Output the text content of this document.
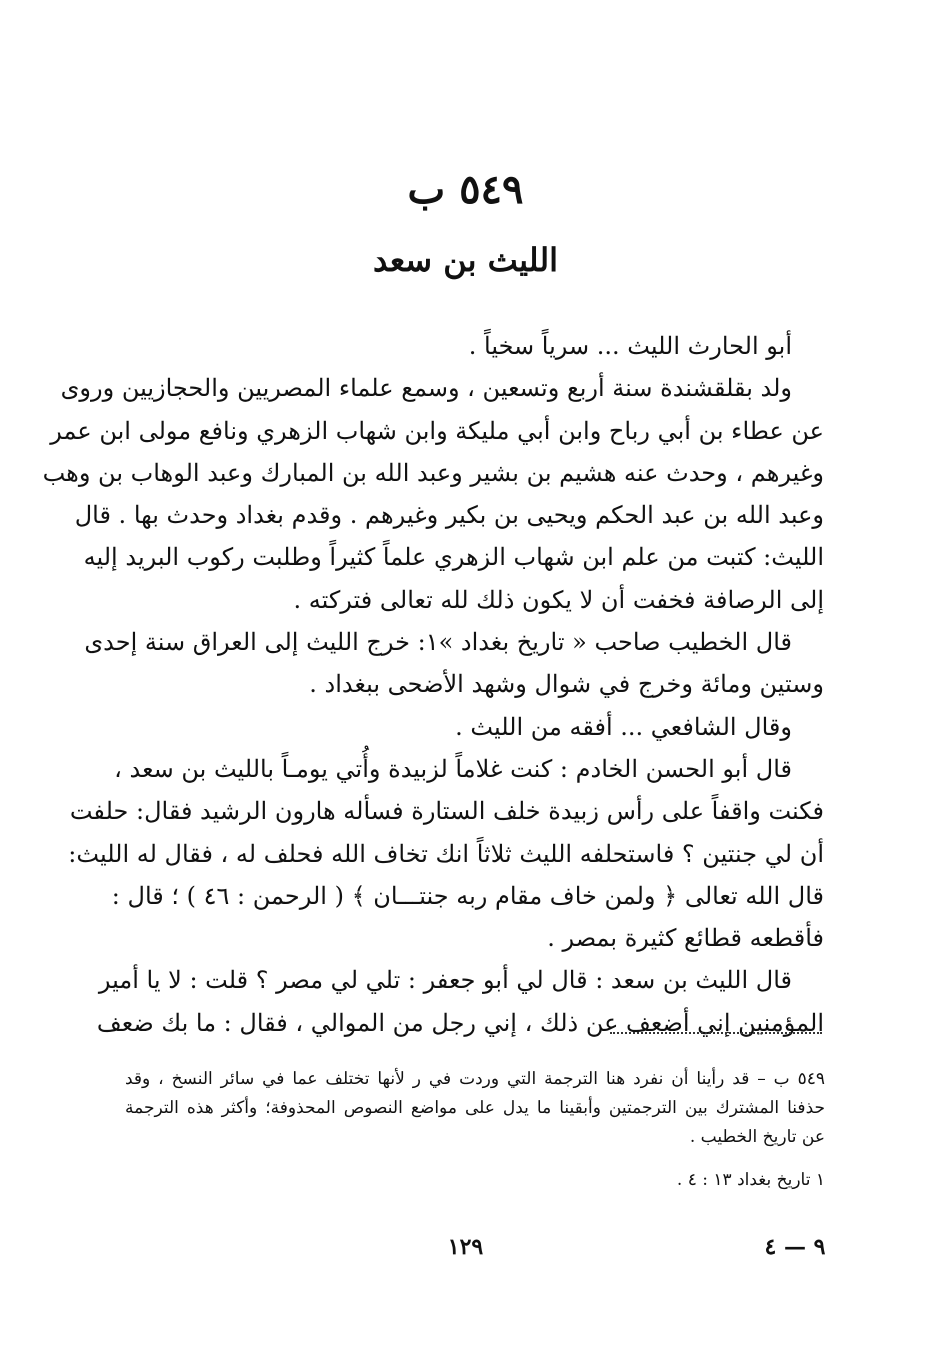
٥٤٩ ب
الليث بن سعد

أبو الحارث الليث ... سرياً سخياً .

ولد بقلقشندة سنة أربع وتسعين ، وسمع علماء المصريين والحجازيين وروى
عن عطاء بن أبي رباح وابن أبي مليكة وابن شهاب الزهري ونافع مولى ابن عمر
وغيرهم ، وحدث عنه هشيم بن بشير وعبد الله بن المبارك وعبد الوهاب بن وهب
وعبد الله بن عبد الحكم ويحيى بن بكير وغيرهم . وقدم بغداد وحدث بها . قال
الليث: كتبت من علم ابن شهاب الزهري علماً كثيراً وطلبت ركوب البريد إليه
إلى الرصافة فخفت أن لا يكون ذلك لله تعالى فتركته .

قال الخطيب صاحب « تاريخ بغداد »١: خرج الليث إلى العراق سنة إحدى
وستين ومائة وخرج في شوال وشهد الأضحى ببغداد .

وقال الشافعي ... أفقه من الليث .

قال أبو الحسن الخادم : كنت غلاماً لزبيدة وأُتي يومـاً بالليث بن سعد ،
فكنت واقفاً على رأس زبيدة خلف الستارة فسأله هارون الرشيد فقال: حلفت
أن لي جنتين ؟ فاستحلفه الليث ثلاثاً انك تخاف الله فحلف له ، فقال له الليث:
قال الله تعالى ﴿ ولمن خاف مقام ربه جنتـــان ﴾ ( الرحمن : ٤٦ ) ؛ قال :
فأقطعه قطائع كثيرة بمصر .

قال الليث بن سعد : قال لي أبو جعفر : تلي لي مصر ؟ قلت : لا يا أمير
المؤمنين إني أضعف عن ذلك ، إني رجل من الموالي ، فقال : ما بك ضعف

٥٤٩ ب – قد رأينا أن نفرد هنا الترجمة التي وردت في ر لأنها تختلف عما في سائر النسخ ، وقد
حذفنا المشترك بين الترجمتين وأبقينا ما يدل على مواضع النصوص المحذوفة؛ وأكثر هذه الترجمة
عن تاريخ الخطيب .
١ تاريخ بغداد ١٣ : ٤ .
١٢٩	٩ — ٤
